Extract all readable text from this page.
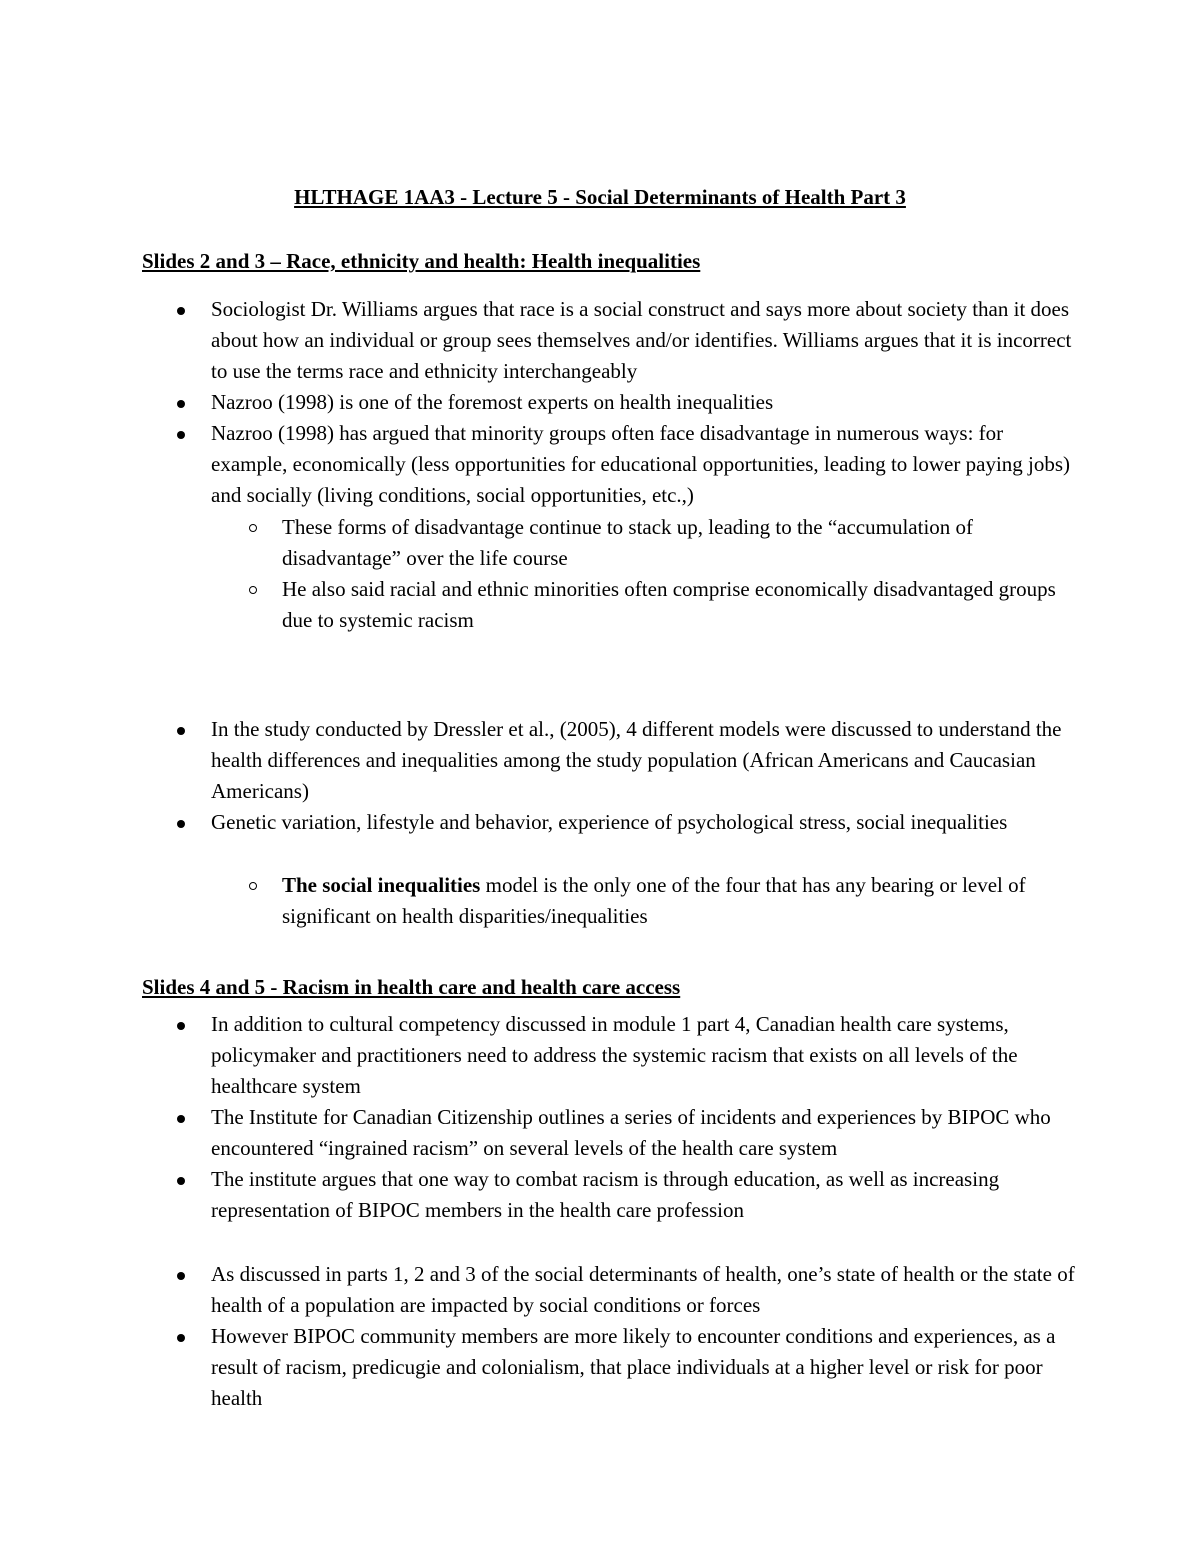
HLTHAGE 1AA3 - Lecture 5 - Social Determinants of Health Part 3
Slides 2 and 3 – Race, ethnicity and health: Health inequalities
Sociologist Dr. Williams argues that race is a social construct and says more about society than it does about how an individual or group sees themselves and/or identifies. Williams argues that it is incorrect to use the terms race and ethnicity interchangeably
Nazroo (1998) is one of the foremost experts on health inequalities
Nazroo (1998) has argued that minority groups often face disadvantage in numerous ways: for example, economically (less opportunities for educational opportunities, leading to lower paying jobs) and socially (living conditions, social opportunities, etc.,)
These forms of disadvantage continue to stack up, leading to the “accumulation of disadvantage” over the life course
He also said racial and ethnic minorities often comprise economically disadvantaged groups due to systemic racism
In the study conducted by Dressler et al., (2005), 4 different models were discussed to understand the health differences and inequalities among the study population (African Americans and Caucasian Americans)
Genetic variation, lifestyle and behavior, experience of psychological stress, social inequalities
The social inequalities model is the only one of the four that has any bearing or level of significant on health disparities/inequalities
Slides 4 and 5 - Racism in health care and health care access
In addition to cultural competency discussed in module 1 part 4, Canadian health care systems, policymaker and practitioners need to address the systemic racism that exists on all levels of the healthcare system
The Institute for Canadian Citizenship outlines a series of incidents and experiences by BIPOC who encountered “ingrained racism” on several levels of the health care system
The institute argues that one way to combat racism is through education, as well as increasing representation of BIPOC members in the health care profession
As discussed in parts 1, 2 and 3 of the social determinants of health, one’s state of health or the state of health of a population are impacted by social conditions or forces
However BIPOC community members are more likely to encounter conditions and experiences, as a result of racism, predicugie and colonialism, that place individuals at a higher level or risk for poor health
